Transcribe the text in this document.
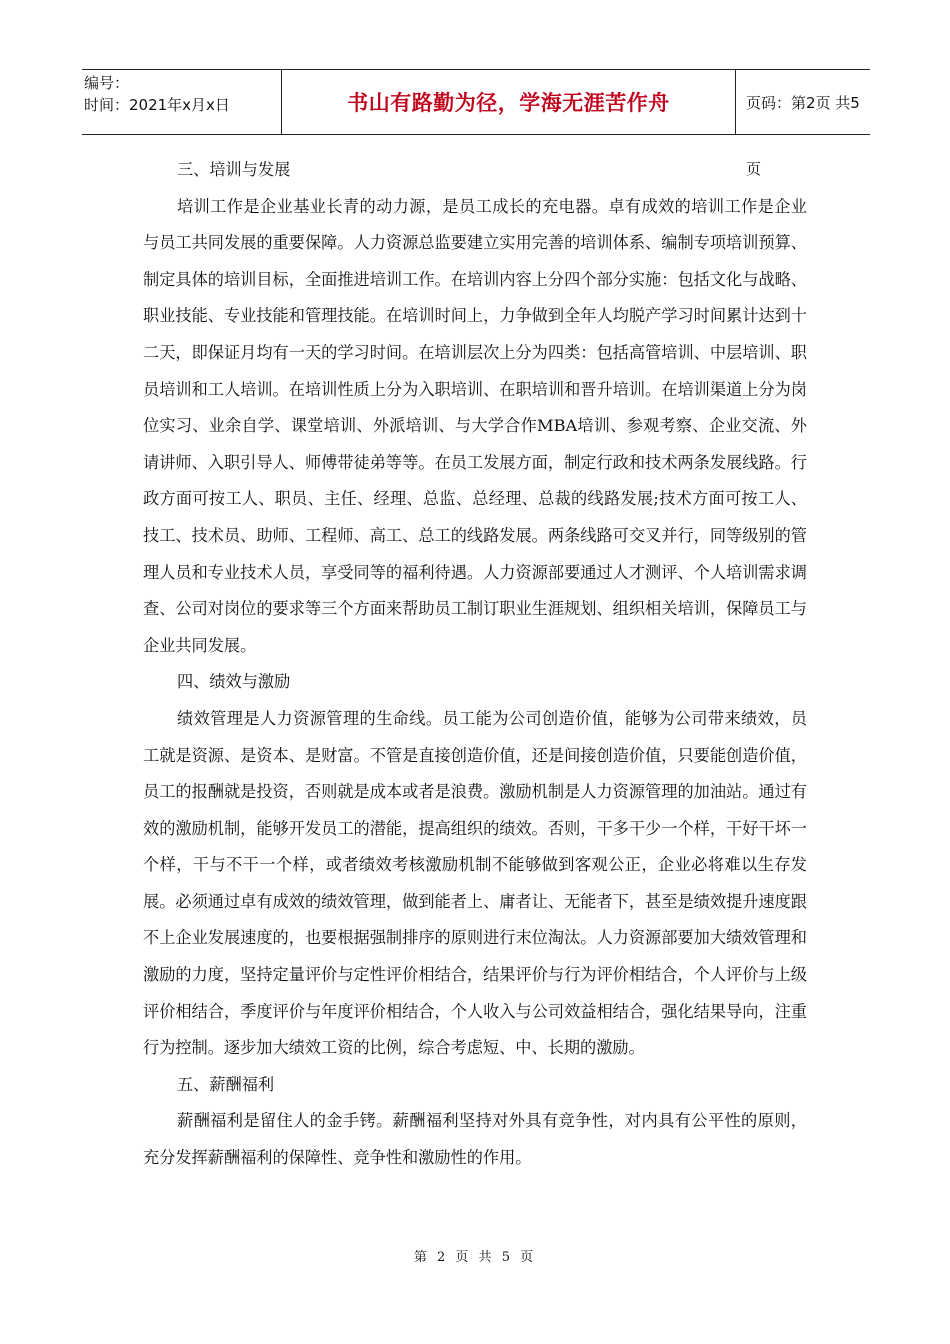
编号：
时间：2021年x月x日	书山有路勤为径，学海无涯苦作舟	页码：第2页 共5页

三、培训与发展

培训工作是企业基业长青的动力源，是员工成长的充电器。卓有成效的培训工作是企业与员工共同发展的重要保障。人力资源总监要建立实用完善的培训体系、编制专项培训预算、制定具体的培训目标，全面推进培训工作。在培训内容上分四个部分实施：包括文化与战略、职业技能、专业技能和管理技能。在培训时间上，力争做到全年人均脱产学习时间累计达到十二天，即保证月均有一天的学习时间。在培训层次上分为四类：包括高管培训、中层培训、职员培训和工人培训。在培训性质上分为入职培训、在职培训和晋升培训。在培训渠道上分为岗位实习、业余自学、课堂培训、外派培训、与大学合作MBA培训、参观考察、企业交流、外请讲师、入职引导人、师傅带徒弟等等。在员工发展方面，制定行政和技术两条发展线路。行政方面可按工人、职员、主任、经理、总监、总经理、总裁的线路发展;技术方面可按工人、技工、技术员、助师、工程师、高工、总工的线路发展。两条线路可交叉并行，同等级别的管理人员和专业技术人员，享受同等的福利待遇。人力资源部要通过人才测评、个人培训需求调查、公司对岗位的要求等三个方面来帮助员工制订职业生涯规划、组织相关培训，保障员工与企业共同发展。

四、绩效与激励

绩效管理是人力资源管理的生命线。员工能为公司创造价值，能够为公司带来绩效，员工就是资源、是资本、是财富。不管是直接创造价值，还是间接创造价值，只要能创造价值，员工的报酬就是投资，否则就是成本或者是浪费。激励机制是人力资源管理的加油站。通过有效的激励机制，能够开发员工的潜能，提高组织的绩效。否则，干多干少一个样，干好干坏一个样，干与不干一个样，或者绩效考核激励机制不能够做到客观公正，企业必将难以生存发展。必须通过卓有成效的绩效管理，做到能者上、庸者让、无能者下，甚至是绩效提升速度跟不上企业发展速度的，也要根据强制排序的原则进行末位淘汰。人力资源部要加大绩效管理和激励的力度，坚持定量评价与定性评价相结合，结果评价与行为评价相结合，个人评价与上级评价相结合，季度评价与年度评价相结合，个人收入与公司效益相结合，强化结果导向，注重行为控制。逐步加大绩效工资的比例，综合考虑短、中、长期的激励。

五、薪酬福利

薪酬福利是留住人的金手铐。薪酬福利坚持对外具有竞争性，对内具有公平性的原则，充分发挥薪酬福利的保障性、竞争性和激励性的作用。

第 2 页 共 5 页
